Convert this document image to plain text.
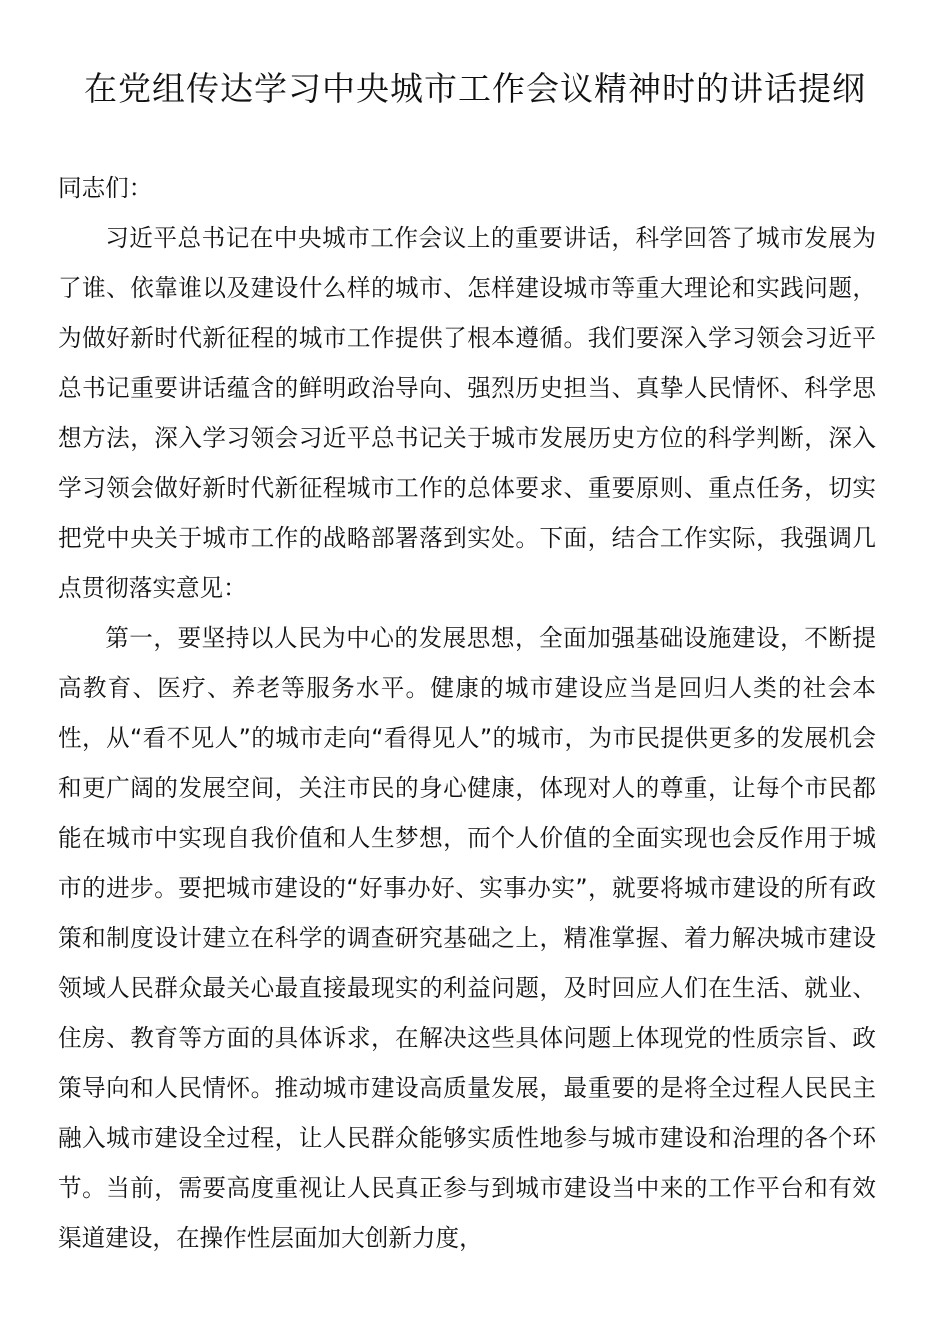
在党组传达学习中央城市工作会议精神时的讲话提纲

同志们：

习近平总书记在中央城市工作会议上的重要讲话，科学回答了城市发展为了谁、依靠谁以及建设什么样的城市、怎样建设城市等重大理论和实践问题，为做好新时代新征程的城市工作提供了根本遵循。我们要深入学习领会习近平总书记重要讲话蕴含的鲜明政治导向、强烈历史担当、真挚人民情怀、科学思想方法，深入学习领会习近平总书记关于城市发展历史方位的科学判断，深入学习领会做好新时代新征程城市工作的总体要求、重要原则、重点任务，切实把党中央关于城市工作的战略部署落到实处。下面，结合工作实际，我强调几点贯彻落实意见：

第一，要坚持以人民为中心的发展思想，全面加强基础设施建设，不断提高教育、医疗、养老等服务水平。健康的城市建设应当是回归人类的社会本性，从“看不见人”的城市走向“看得见人”的城市，为市民提供更多的发展机会和更广阔的发展空间，关注市民的身心健康，体现对人的尊重，让每个市民都能在城市中实现自我价值和人生梦想，而个人价值的全面实现也会反作用于城市的进步。要把城市建设的“好事办好、实事办实”，就要将城市建设的所有政策和制度设计建立在科学的调查研究基础之上，精准掌握、着力解决城市建设领域人民群众最关心最直接最现实的利益问题，及时回应人们在生活、就业、住房、教育等方面的具体诉求，在解决这些具体问题上体现党的性质宗旨、政策导向和人民情怀。推动城市建设高质量发展，最重要的是将全过程人民民主融入城市建设全过程，让人民群众能够实质性地参与城市建设和治理的各个环节。当前，需要高度重视让人民真正参与到城市建设当中来的工作平台和有效渠道建设，在操作性层面加大创新力度，
